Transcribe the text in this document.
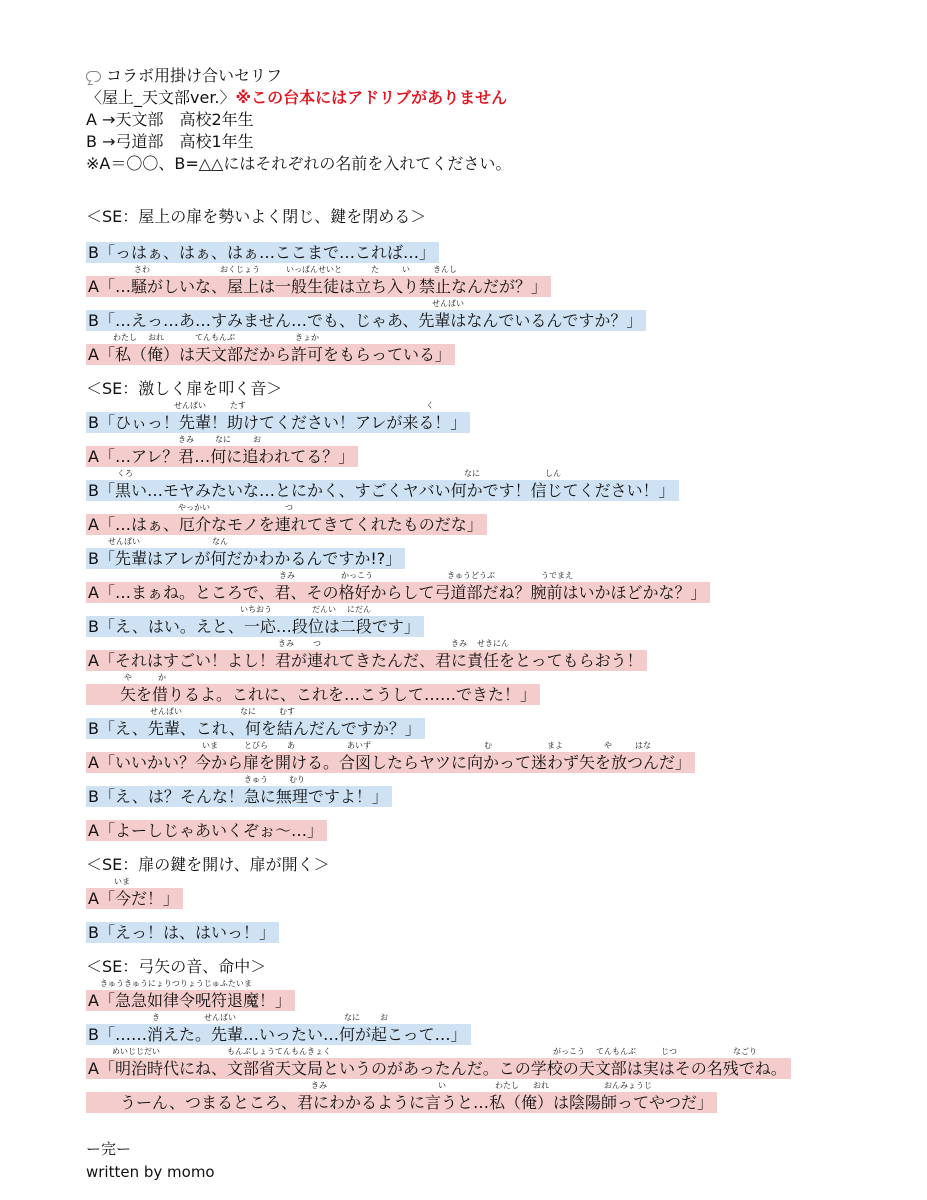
コラボ用掛け合いセリフ
〈屋上_天文部ver.〉※この台本にはアドリブがありません
A →天文部　高校2年生
B →弓道部　高校1年生
※A＝〇〇、B=△△にはそれぞれの名前を入れてください。
＜SE：屋上の扉を勢いよく閉じ、鍵を閉める＞
B「っはぁ、はぁ、はぁ…ここまで…これば…」
さわ	おくじょう	いっぱんせいと	た	い	きんし
A「…騒がしいな、屋上は一般生徒は立ち入り禁止なんだが？」
せんぱい
B「…えっ…あ…すみません…でも、じゃあ、先輩はなんでいるんですか？」
わたし おれ	てんもんぶ	きょか
A「私（俺）は天文部だから許可をもらっている」
＜SE：激しく扉を叩く音＞
せんぱい	たす	く
B「ひぃっ！先輩！助けてください！アレが来る！」
きみ	なに	お
A「…アレ？君…何に追われてる？」
くろ	なに	しん
B「黒い…モヤみたいな…とにかく、すごくヤバい何かです！信じてください！」
やっかい	つ
A「…はぁ、厄介なモノを連れてきてくれたものだな」
せんぱい	なん
B「先輩はアレが何だかわかるんですか!?」
きみ	かっこう	きゅうどうぶ	うでまえ
A「…まぁね。ところで、君、その格好からして弓道部だね？腕前はいかほどかな？」
いちおう	だんい にだん
B「え、はい。えと、一応…段位は二段です」
きみ つ	きみ せきにん
A「それはすごい！よし！君が連れてきたんだ、君に責任をとってもらおう！
や	か
矢を借りるよ。これに、これを…こうして……できた！」
せんぱい	なに	むす
B「え、先輩、これ、何を結んだんですか？」
いま	とびら あ	あいず	む	まよ	や	はな
A「いいかい？今から扉を開ける。合図したらヤツに向かって迷わず矢を放つんだ」
きゅう	むり
B「え、は？そんな！急に無理ですよ！」
A「よーしじゃあいくぞぉ〜…」
＜SE：扉の鍵を開け、扉が開く＞
いま
A「今だ！」
B「えっ！は、はいっ！」
＜SE：弓矢の音、命中＞
きゅうきゅうにょりつりょうじゅふたいま
A「急急如律令呪符退魔！」
き	せんぱい	なに	お
B「……消えた。先輩…いったい…何が起こって…」
めいじじだい	もんぶしょうてんもんきょく	がっこう てんもんぶ	じつ	なごり
A「明治時代にね、文部省天文局というのがあったんだ。この学校の天文部は実はその名残でね。
きみ	い	わたし おれ	おんみょうじ
うーん、つまるところ、君にわかるように言うと…私（俺）は陰陽師ってやつだ」
ー完ー
written by momo
